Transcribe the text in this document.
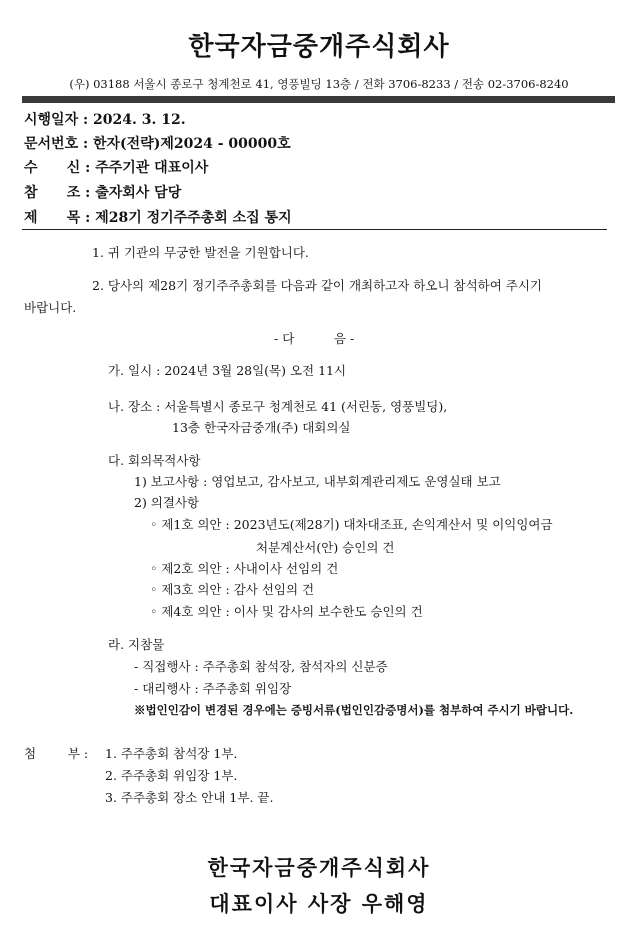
한국자금중개주식회사
(우) 03188 서울시 종로구 청계천로 41, 영풍빌딩 13층 / 전화 3706-8233 / 전송 02-3706-8240
시행일자 : 2024. 3. 12.
문서번호 : 한자(전략)제2024 - 00000호
수      신 : 주주기관 대표이사
참      조 : 출자회사 담당
제      목 : 제28기 정기주주총회 소집 통지
1. 귀 기관의 무궁한 발전을 기원합니다.
2. 당사의 제28기 정기주주총회를 다음과 같이 개최하고자 하오니 참석하여 주시기
바랍니다.
- 다          음 -
가. 일시 : 2024년 3월 28일(목) 오전 11시
나. 장소 : 서울특별시 종로구 청계천로 41 (서린동, 영풍빌딩),
13층 한국자금중개(주) 대회의실
다. 회의목적사항
1) 보고사항 : 영업보고, 감사보고, 내부회계관리제도 운영실태 보고
2) 의결사항
◦ 제1호 의안 : 2023년도(제28기) 대차대조표, 손익계산서 및 이익잉여금
처분계산서(안) 승인의 건
◦ 제2호 의안 : 사내이사 선임의 건
◦ 제3호 의안 : 감사 선임의 건
◦ 제4호 의안 : 이사 및 감사의 보수한도 승인의 건
라. 지참물
- 직접행사 : 주주총회 참석장, 참석자의 신분증
- 대리행사 : 주주총회 위임장
※법인인감이 변경된 경우에는 증빙서류(법인인감증명서)를 첨부하여 주시기 바랍니다.
첨        부 : 1. 주주총회 참석장 1부.
2. 주주총회 위임장 1부.
3. 주주총회 장소 안내 1부. 끝.
한국자금중개주식회사
대표이사 사장 우해영
